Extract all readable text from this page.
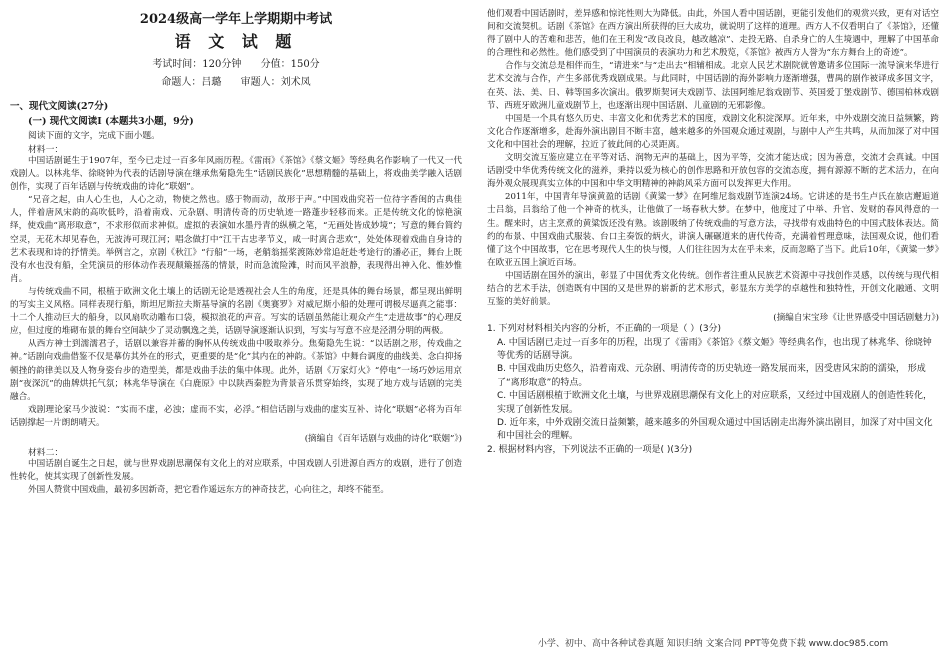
2024级高一学年上学期期中考试

语 文 试 题

考试时间：120分钟 分值：150分

命题人：吕璐 审题人：刘术凤

一、现代文阅读(27分)

(一) 现代文阅读Ⅰ (本题共3小题，9分)

阅读下面的文字，完成下面小题。

材料一：

中国话剧诞生于1907年，至今已走过一百多年风雨历程。《雷雨》《茶馆》《蔡文姬》等经典名作影响了一代又一代戏剧人。以林兆华、徐晓钟为代表的话剧导演在继承焦菊隐先生“话剧民族化”思想精髓的基础上，将戏曲美学融入话剧创作，实现了百年话剧与传统戏曲的诗化“联姻”。

“兄音之起，由人心生也，人心之动，物使之然也。感于物而动，故形于声。”中国戏曲究若一位待字香闺的古典佳人，伴着唐风宋韵的高吹低吟，沿着南戏、元杂剧、明清传奇的历史轨迹一路蓬步轻移而来。正是传统文化的惊艳演绎，使戏曲“离形取意”，不求形似而求神似。虚拟的表演如水墨丹青的纵横之笔，“无画处皆成妙境”；写意的舞台简约空灵，无花木却见春色，无波涛可现江河；唱念做打中“江干古忠孝节义，咸一时离合悲欢”，处处体现着戏曲自身诗的艺术表现和诗的抒情美。举例言之，京剧《秋江》“行船”一场，老艄翁摇桨渡陈妙常追赶赴考途行的潘必正，舞台上既没有水也没有船，全凭演员的形体动作表现颠簸摇荡的情景，时而急流险滩，时而风平浪静，表现得出神入化、惟妙惟肖。

与传统戏曲不同，根植于欧洲文化土壤上的话剧无论是透视社会人生的角度，还是具体的舞台场景，都呈现出鲜明的写实主义风格。同样表现行船，斯坦尼斯拉夫斯基导演的名剧《奥赛罗》对威尼斯小船的处理可谓极尽逼真之能事：十二个人推动巨大的船身，以风扇吹动雕布口袋，模拟浪花的声音。写实的话剧虽然能让观众产生“走进故事”的心理反应，但过度的堆砌布景的舞台空间缺少了灵动飘逸之美，话剧导演逐渐认识到，写实与写意不应是泾渭分明的两极。

从西方神士到濡濡君子，话剧以兼容并蓄的胸怀从传统戏曲中吸取养分。焦菊隐先生说：“以话剧之形，传戏曲之神。”话剧向戏曲借鉴不仅是摹仿其外在的形式，更重要的是“化”其内在的神韵。《茶馆》中舞台调度的曲线美、念白抑扬顿挫的韵律美以及人物身姿台步的造型美，都是戏曲手法的集中体现。此外，话剧《万家灯火》“停电”一场巧妙运用京剧“夜深沉”的曲牌烘托气氛；林兆华导演在《白鹿原》中以陕西秦腔为背景音乐贯穿始终，实现了地方戏与话剧的完美融合。

戏剧理论家马少波说：“实而不虚，必浊；虚而不实，必浮。”相信话剧与戏曲的虚实互补、诗化“联姻”必将为百年话剧撑起一片朗朗晴天。

(摘编自《百年话剧与戏曲的诗化“联姻”》)

材料二：

中国话剧自诞生之日起，就与世界戏剧思潮保有文化上的对应联系，中国戏剧人引进源自西方的戏剧，进行了创造性转化，使其实现了创新性发展。

外国人赞赏中国戏曲，最初多因新奇，把它看作遥远东方的神奇技艺，心向往之，却终不能至。

他们观看中国话剧时，差异感和惊诧性则大为降低。由此，外国人看中国话剧，更能引发他们的观赏兴致，更有对话空间和交流契机。话剧《茶馆》在西方演出所获得的巨大成功，就说明了这样的道理。西方人不仅看明白了《茶馆》，还懂得了剧中人的苦难和悲苦，他们在王利发“改良改良，越改越凉”、走投无路、自杀身亡的人生境遇中，理解了中国革命的合理性和必然性。他们感受到了中国演员的表演功力和艺术殷览，《茶馆》被西方人誉为“东方舞台上的奇迹”。

合作与交流总是相伴而生，“请进来”与“走出去”相辅相成。北京人民艺术剧院就曾邀请多位国际一流导演来华进行艺术交流与合作，产生多部优秀戏剧成果。与此同时，中国话剧的海外影响力逐渐增强，曹禺的剧作被译成多国文字，在英、法、美、日、韩等国多次演出。俄罗斯契诃夫戏剧节、法国阿维尼翁戏剧节、英国爱丁堡戏剧节、德国柏林戏剧节、西班牙欧洲儿童戏剧节上，也逐渐出现中国话剧、儿童剧的无邪影像。

中国是一个具有悠久历史、丰富文化和优秀艺术的国度，戏剧文化积淀深厚。近年来，中外戏剧交流日益频繁，跨文化合作逐渐增多，赴海外演出剧目不断丰富，越来越多的外国观众通过观剧，与剧中人产生共鸣，从而加深了对中国文化和中国社会的理解，拉近了彼此间的心灵距离。

文明交流互鉴应建立在平等对话、润物无声的基础上，因为平等，交流才能达成；因为善意，交流才会真诚。中国话剧受中华优秀传统文化的滋养，秉持以爱为核心的创作思路和开放包容的交流态度，拥有源源不断的艺术活力，在向海外观众展现真实立体的中国和中华文明精神的神韵风采方面可以发挥更大作用。

2011年，中国青年导演黄盈的话剧《黄粱一梦》在阿维尼翁戏剧节连演24场。它讲述的是书生卢氏在旅店邂逅道士吕翁，吕翁给了他一个神奇的枕头，让他做了一场春秋大梦。在梦中，他度过了中举、升官、发财的春风得意的一生。醒来时，店主烹煮的黄粱饭还没有熟。该剧吸纳了传统戏曲的写意方法，寻找带有戏曲特色的中国式肢体表达。简约的布景、中国戏曲式服装、台口主奏饭的炳火，讲演人碾碾道来的唐代传奇，充满着哲理意味，法国观众说，他们看懂了这个中国故事，它在思考现代人生的快与慢，人们往往因为太在乎未来，反而忽略了当下。此后10年，《黄粱一梦》在欧亚五国上演近百场。

中国话剧在国外的演出，彰显了中国优秀文化传统。创作者注重从民族艺术资源中寻找创作灵感，以传统与现代相结合的艺术手法，创造既有中国的又是世界的崭新的艺术形式，彰显东方美学的卓越性和独特性，开创文化融通、文明互鉴的美好前景。

(摘编自宋宝珍《让世界感受中国话剧魅力》)

1. 下列对材料相关内容的分析，不正确的一项是（ ）(3分)

A. 中国话剧已走过一百多年的历程，出现了《雷雨》《茶馆》《蔡文姬》等经典名作，也出现了林兆华、徐晓钟等优秀的话剧导演。

B. 中国戏曲历史悠久，沿着南戏、元杂剧、明清传奇的历史轨迹一路发展而来，因受唐风宋韵的濡染， 形成了“离形取意”的特点。

C. 中国话剧根植于欧洲文化土壤，与世界戏剧思潮保有文化上的对应联系，又经过中国戏剧人的创造性转化，实现了创新性发展。

D. 近年来，中外戏剧交流日益频繁，越来越多的外国观众通过中国话剧走出海外演出剧目，加深了对中国文化和中国社会的理解。

2. 根据材料内容，下列说法不正确的一项是( )(3分)

小学、初中、高中各种试卷真题 知识归纳 文案合同 PPT等免费下载 www.doc985.com
